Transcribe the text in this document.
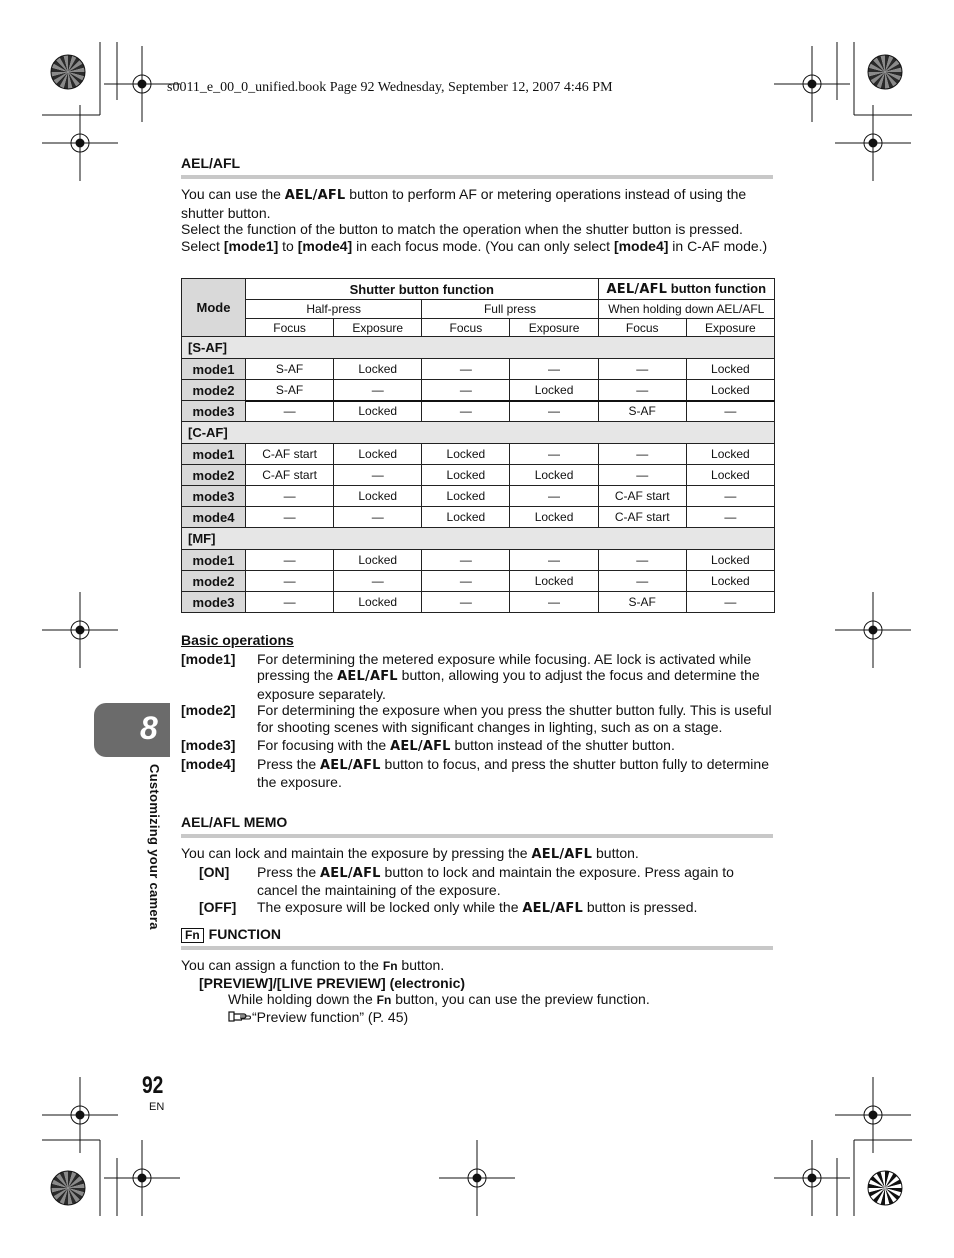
s0011_e_00_0_unified.book Page 92 Wednesday, September 12, 2007 4:46 PM
AEL/AFL

You can use the AEL/AFL button to perform AF or metering operations instead of using the shutter button.

Select the function of the button to match the operation when the shutter button is pressed.

Select [mode1] to [mode4] in each focus mode. (You can only select [mode4] in C-AF mode.)

Mode	Shutter button function				AEL/AFL button function	
	Half-press		Full press		When holding down AEL/AFL	
	Focus	Exposure	Focus	Exposure	Focus	Exposure
[S-AF]						
mode1	S-AF	Locked	—	—	—	Locked
mode2	S-AF	—	—	Locked	—	Locked
mode3	—	Locked	—	—	S-AF	—
[C-AF]						
mode1	C-AF start	Locked	Locked	—	—	Locked
mode2	C-AF start	—	Locked	Locked	—	Locked
mode3	—	Locked	Locked	—	C-AF start	—
mode4	—	—	Locked	Locked	C-AF start	—
[MF]						
mode1	—	Locked	—	—	—	Locked
mode2	—	—	—	Locked	—	Locked
mode3	—	Locked	—	—	S-AF	—
Basic operations
[mode1]	For determining the metered exposure while focusing. AE lock is activated while pressing the AEL/AFL button, allowing you to adjust the focus and determine the exposure separately.
[mode2]	For determining the exposure when you press the shutter button fully. This is useful for shooting scenes with significant changes in lighting, such as on a stage.
[mode3]	For focusing with the AEL/AFL button instead of the shutter button.
[mode4]	Press the AEL/AFL button to focus, and press the shutter button fully to determine the exposure.
AEL/AFL MEMO
You can lock and maintain the exposure by pressing the AEL/AFL button.
[ON]	Press the AEL/AFL button to lock and maintain the exposure. Press again to cancel the maintaining of the exposure.
[OFF]	The exposure will be locked only while the AEL/AFL button is pressed.
Fn FUNCTION
You can assign a function to the Fn button.
[PREVIEW]/[LIVE PREVIEW] (electronic)
While holding down the Fn button, you can use the preview function.
“Preview function” (P. 45)
8
Customizing your camera
92
EN
